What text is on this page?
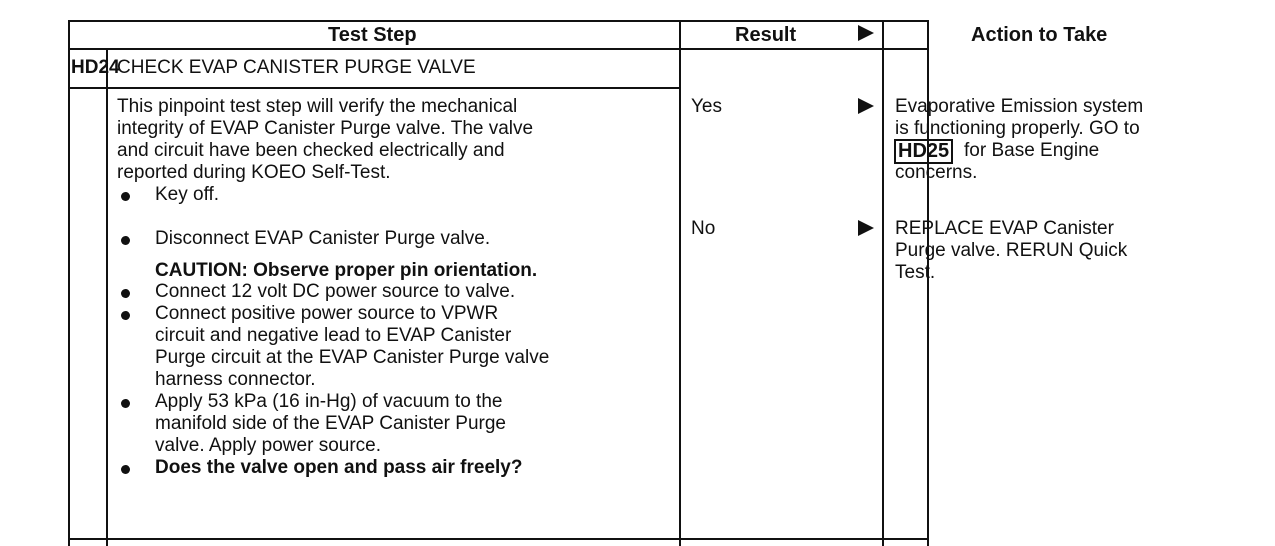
Test Step	Result	Action to Take
HD24
CHECK EVAP CANISTER PURGE VALVE
This pinpoint test step will verify the mechanical
integrity of EVAP Canister Purge valve. The valve
and circuit have been checked electrically and
reported during KOEO Self-Test.
Key off.
Disconnect EVAP Canister Purge valve.
CAUTION: Observe proper pin orientation.
Connect 12 volt DC power source to valve.
Connect positive power source to VPWR
circuit and negative lead to EVAP Canister
Purge circuit at the EVAP Canister Purge valve
harness connector.
Apply 53 kPa (16 in-Hg) of vacuum to the
manifold side of the EVAP Canister Purge
valve. Apply power source.
Does the valve open and pass air freely?
Yes	Evaporative Emission system
is functioning properly. GO to
HD25 for Base Engine
concerns.
No	REPLACE EVAP Canister
Purge valve. RERUN Quick
Test.
